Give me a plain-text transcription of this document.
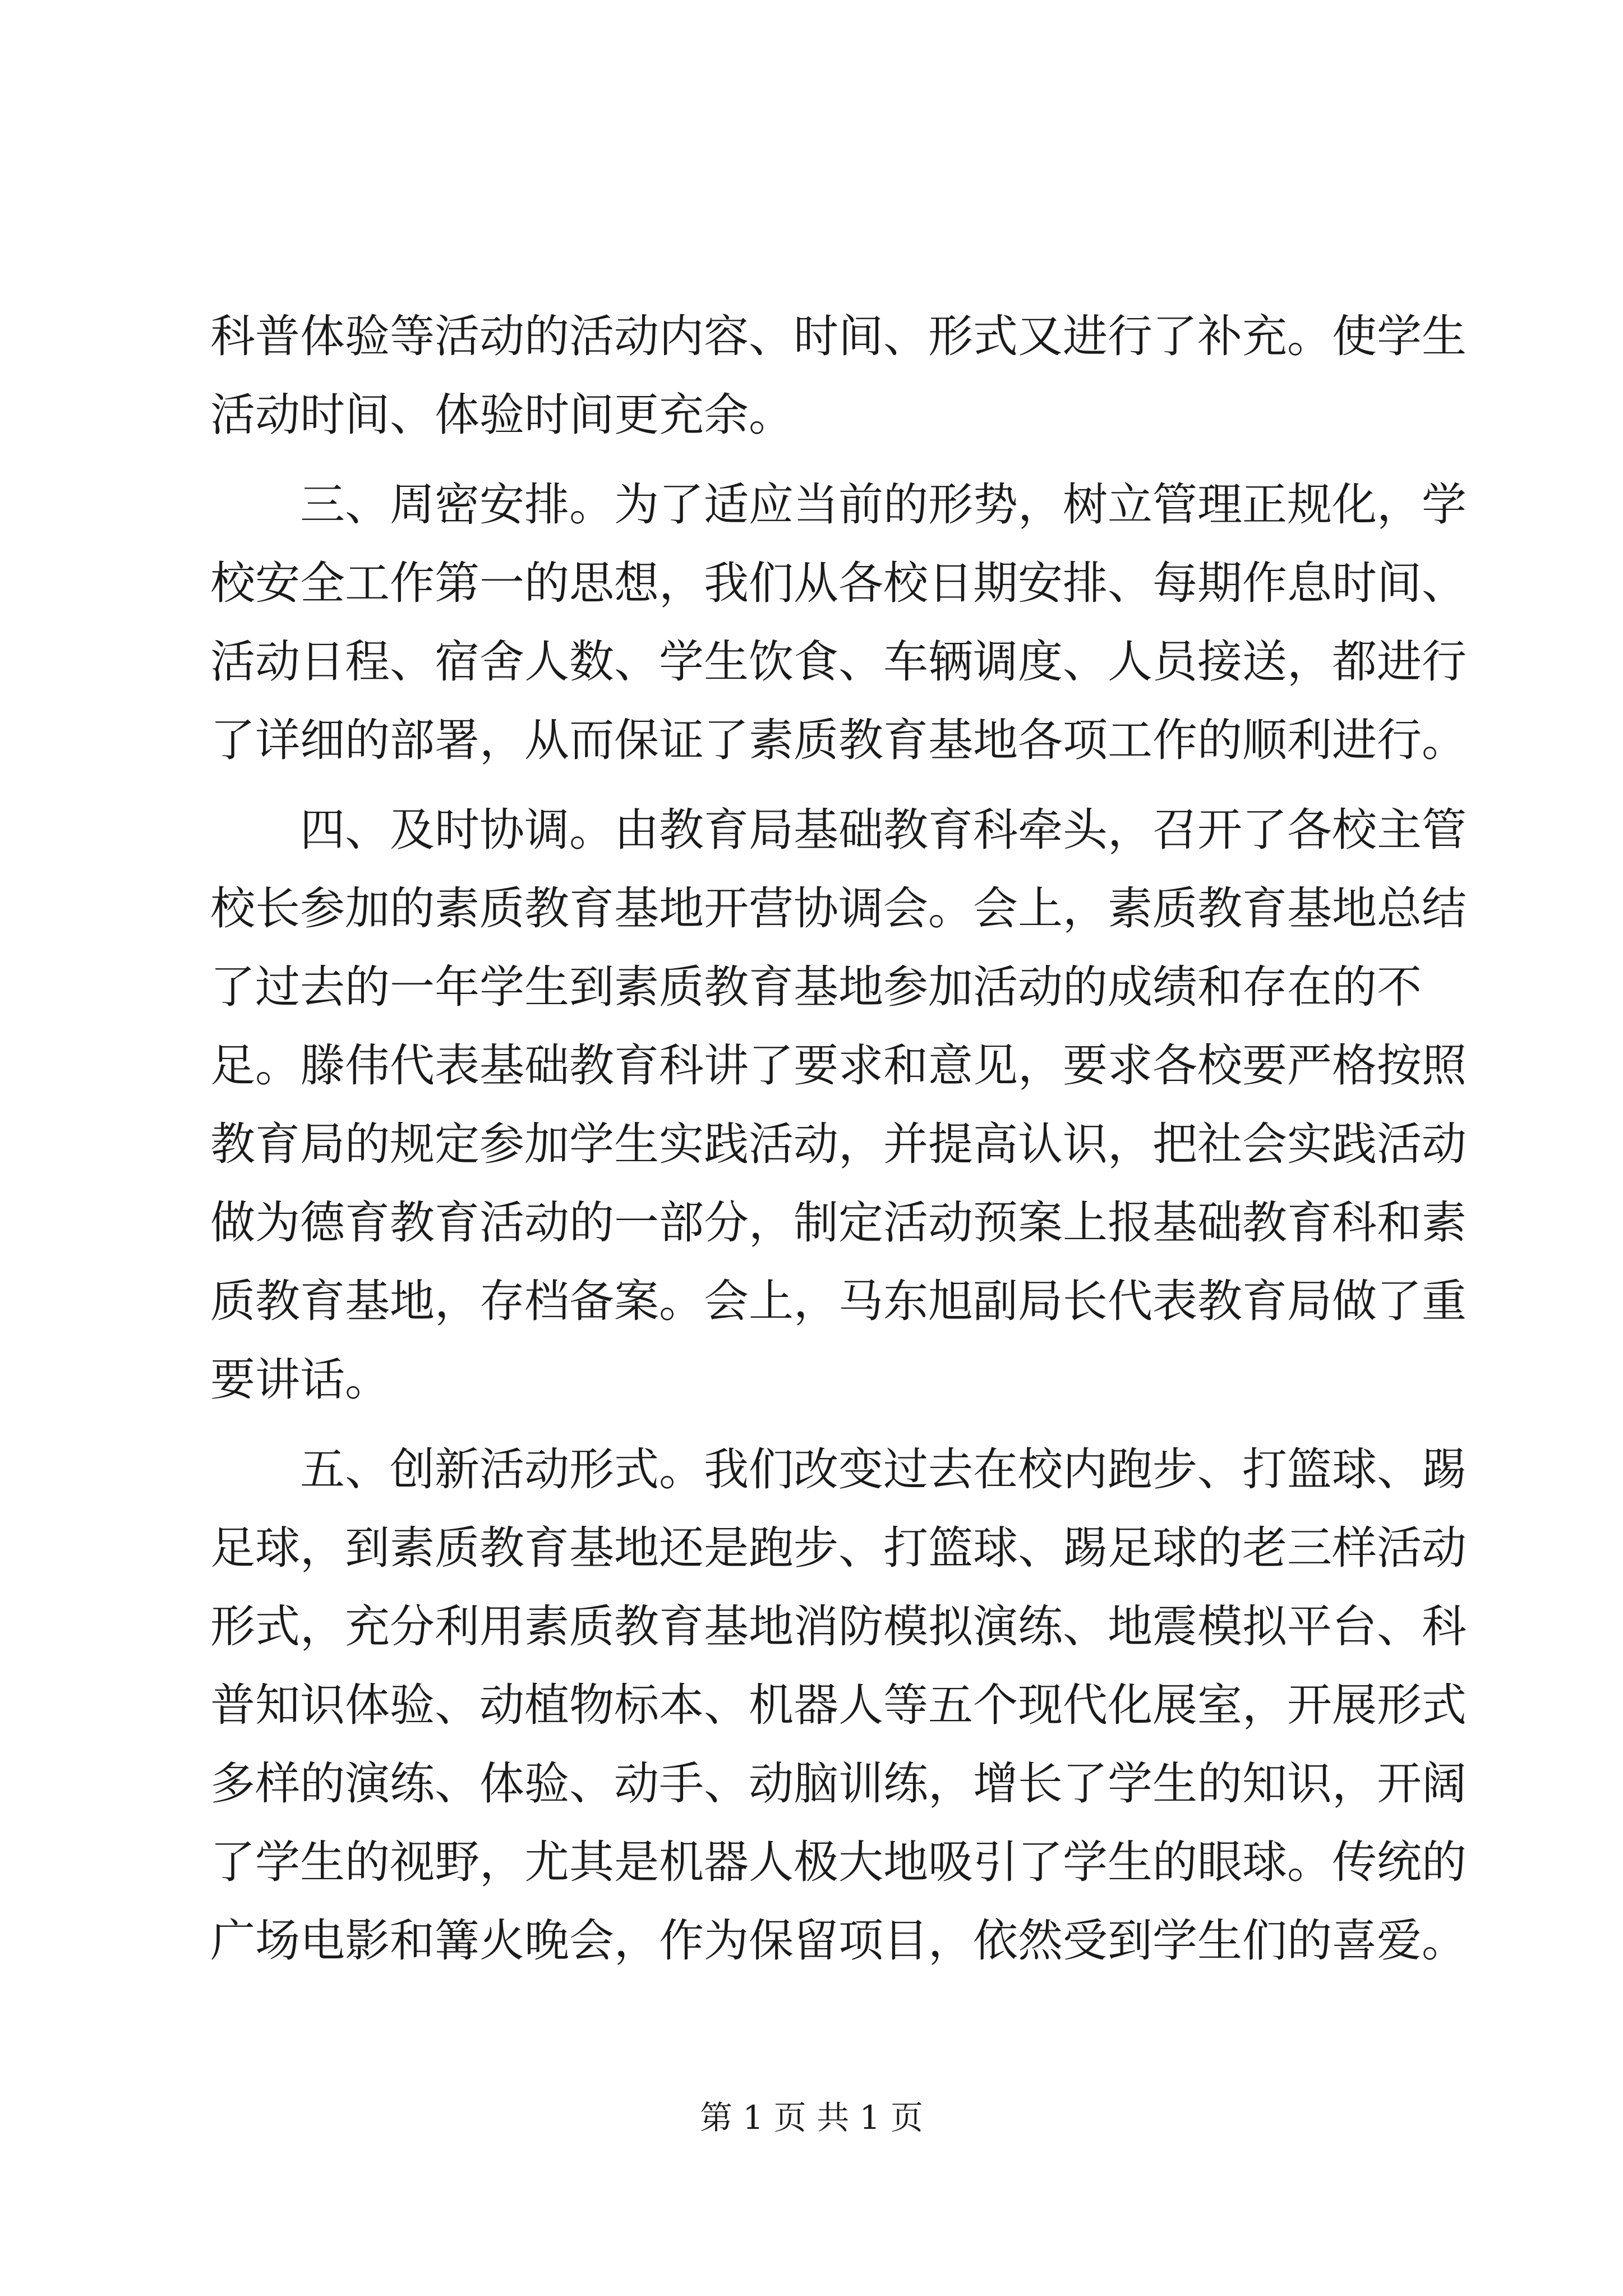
科普体验等活动的活动内容、时间、形式又进行了补充。使学生
活动时间、体验时间更充余。
三、周密安排。为了适应当前的形势，树立管理正规化，学
校安全工作第一的思想，我们从各校日期安排、每期作息时间、
活动日程、宿舍人数、学生饮食、车辆调度、人员接送，都进行
了详细的部署，从而保证了素质教育基地各项工作的顺利进行。
四、及时协调。由教育局基础教育科牵头，召开了各校主管
校长参加的素质教育基地开营协调会。会上，素质教育基地总结
了过去的一年学生到素质教育基地参加活动的成绩和存在的不
足。滕伟代表基础教育科讲了要求和意见，要求各校要严格按照
教育局的规定参加学生实践活动，并提高认识，把社会实践活动
做为德育教育活动的一部分，制定活动预案上报基础教育科和素
质教育基地，存档备案。会上，马东旭副局长代表教育局做了重
要讲话。
五、创新活动形式。我们改变过去在校内跑步、打篮球、踢
足球，到素质教育基地还是跑步、打篮球、踢足球的老三样活动
形式，充分利用素质教育基地消防模拟演练、地震模拟平台、科
普知识体验、动植物标本、机器人等五个现代化展室，开展形式
多样的演练、体验、动手、动脑训练，增长了学生的知识，开阔
了学生的视野，尤其是机器人极大地吸引了学生的眼球。传统的
广场电影和篝火晚会，作为保留项目，依然受到学生们的喜爱。
第 1 页 共 1 页
